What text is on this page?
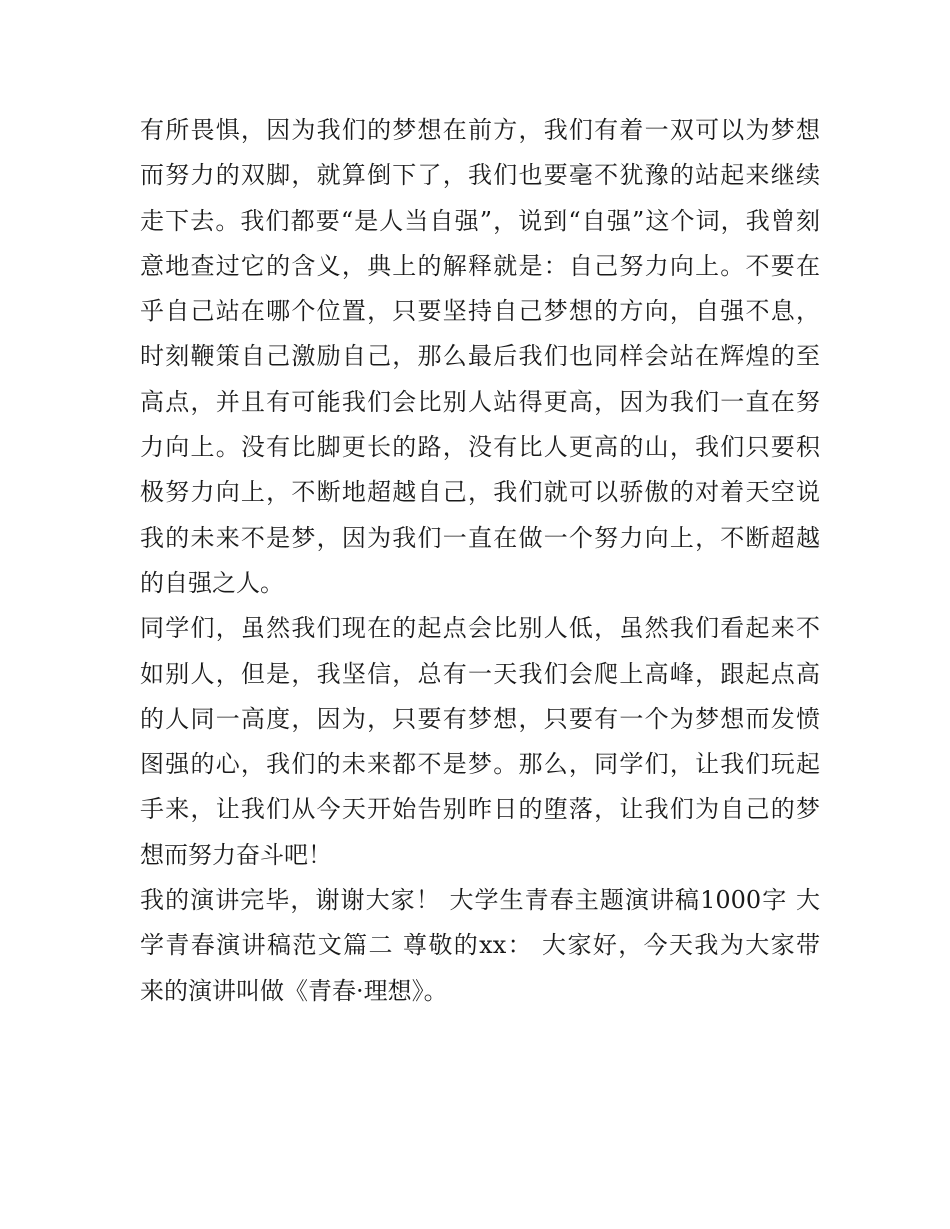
有所畏惧，因为我们的梦想在前方，我们有着一双可以为梦想
而努力的双脚，就算倒下了，我们也要毫不犹豫的站起来继续
走下去。我们都要“是人当自强”，说到“自强”这个词，我曾刻
意地查过它的含义，典上的解释就是：自己努力向上。不要在
乎自己站在哪个位置，只要坚持自己梦想的方向，自强不息，
时刻鞭策自己激励自己，那么最后我们也同样会站在辉煌的至
高点，并且有可能我们会比别人站得更高，因为我们一直在努
力向上。没有比脚更长的路，没有比人更高的山，我们只要积
极努力向上，不断地超越自己，我们就可以骄傲的对着天空说
我的未来不是梦，因为我们一直在做一个努力向上，不断超越
的自强之人。
同学们，虽然我们现在的起点会比别人低，虽然我们看起来不
如别人，但是，我坚信，总有一天我们会爬上高峰，跟起点高
的人同一高度，因为，只要有梦想，只要有一个为梦想而发愤
图强的心，我们的未来都不是梦。那么，同学们，让我们玩起
手来，让我们从今天开始告别昨日的堕落，让我们为自己的梦
想而努力奋斗吧！
我的演讲完毕，谢谢大家！ 大学生青春主题演讲稿1000字 大
学青春演讲稿范文篇二 尊敬的xx： 大家好，今天我为大家带
来的演讲叫做《青春·理想》。
